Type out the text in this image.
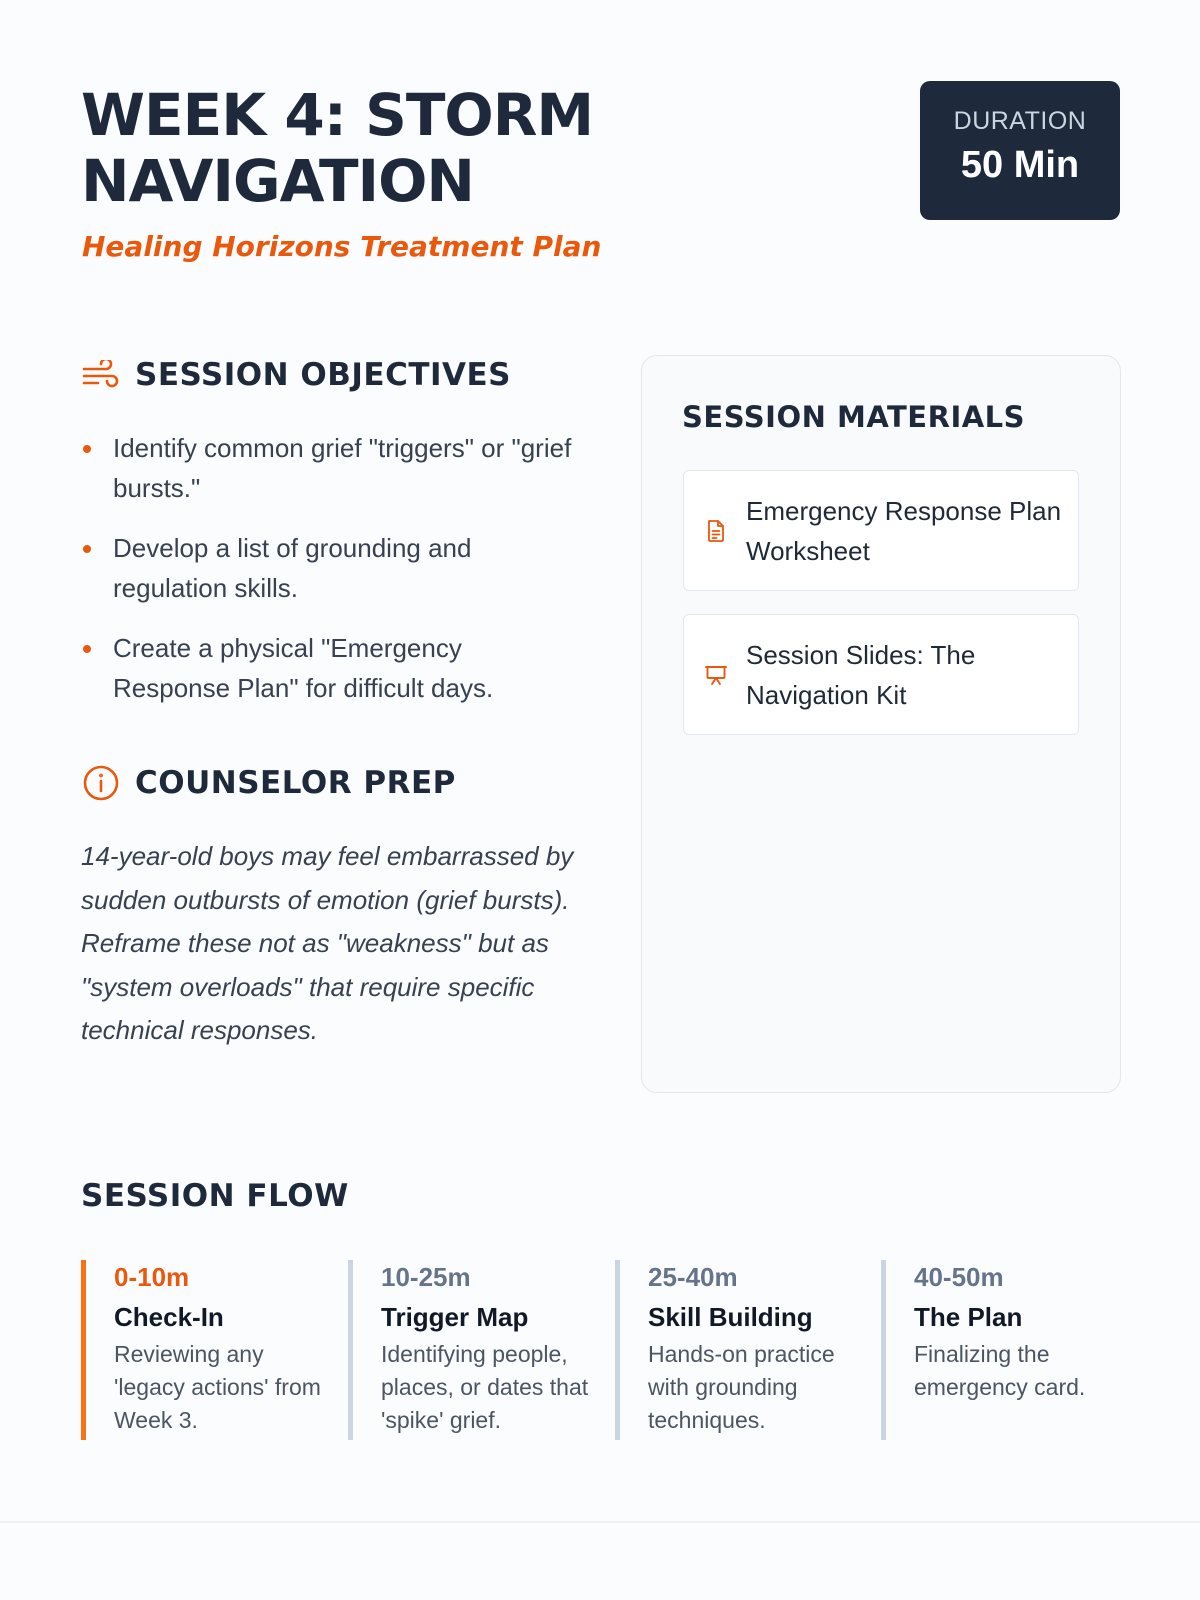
WEEK 4: STORM NAVIGATION
Healing Horizons Treatment Plan
DURATION
50 Min
SESSION OBJECTIVES
Identify common grief "triggers" or "grief bursts."
Develop a list of grounding and regulation skills.
Create a physical "Emergency Response Plan" for difficult days.
COUNSELOR PREP

14-year-old boys may feel embarrassed by sudden outbursts of emotion (grief bursts). Reframe these not as "weakness" but as "system overloads" that require specific technical responses.

SESSION MATERIALS
Emergency Response Plan Worksheet
Session Slides: The Navigation Kit
SESSION FLOW
0-10m
Check-In
Reviewing any 'legacy actions' from Week 3.
10-25m
Trigger Map
Identifying people, places, or dates that 'spike' grief.
25-40m
Skill Building
Hands-on practice with grounding techniques.
40-50m
The Plan
Finalizing the emergency card.
